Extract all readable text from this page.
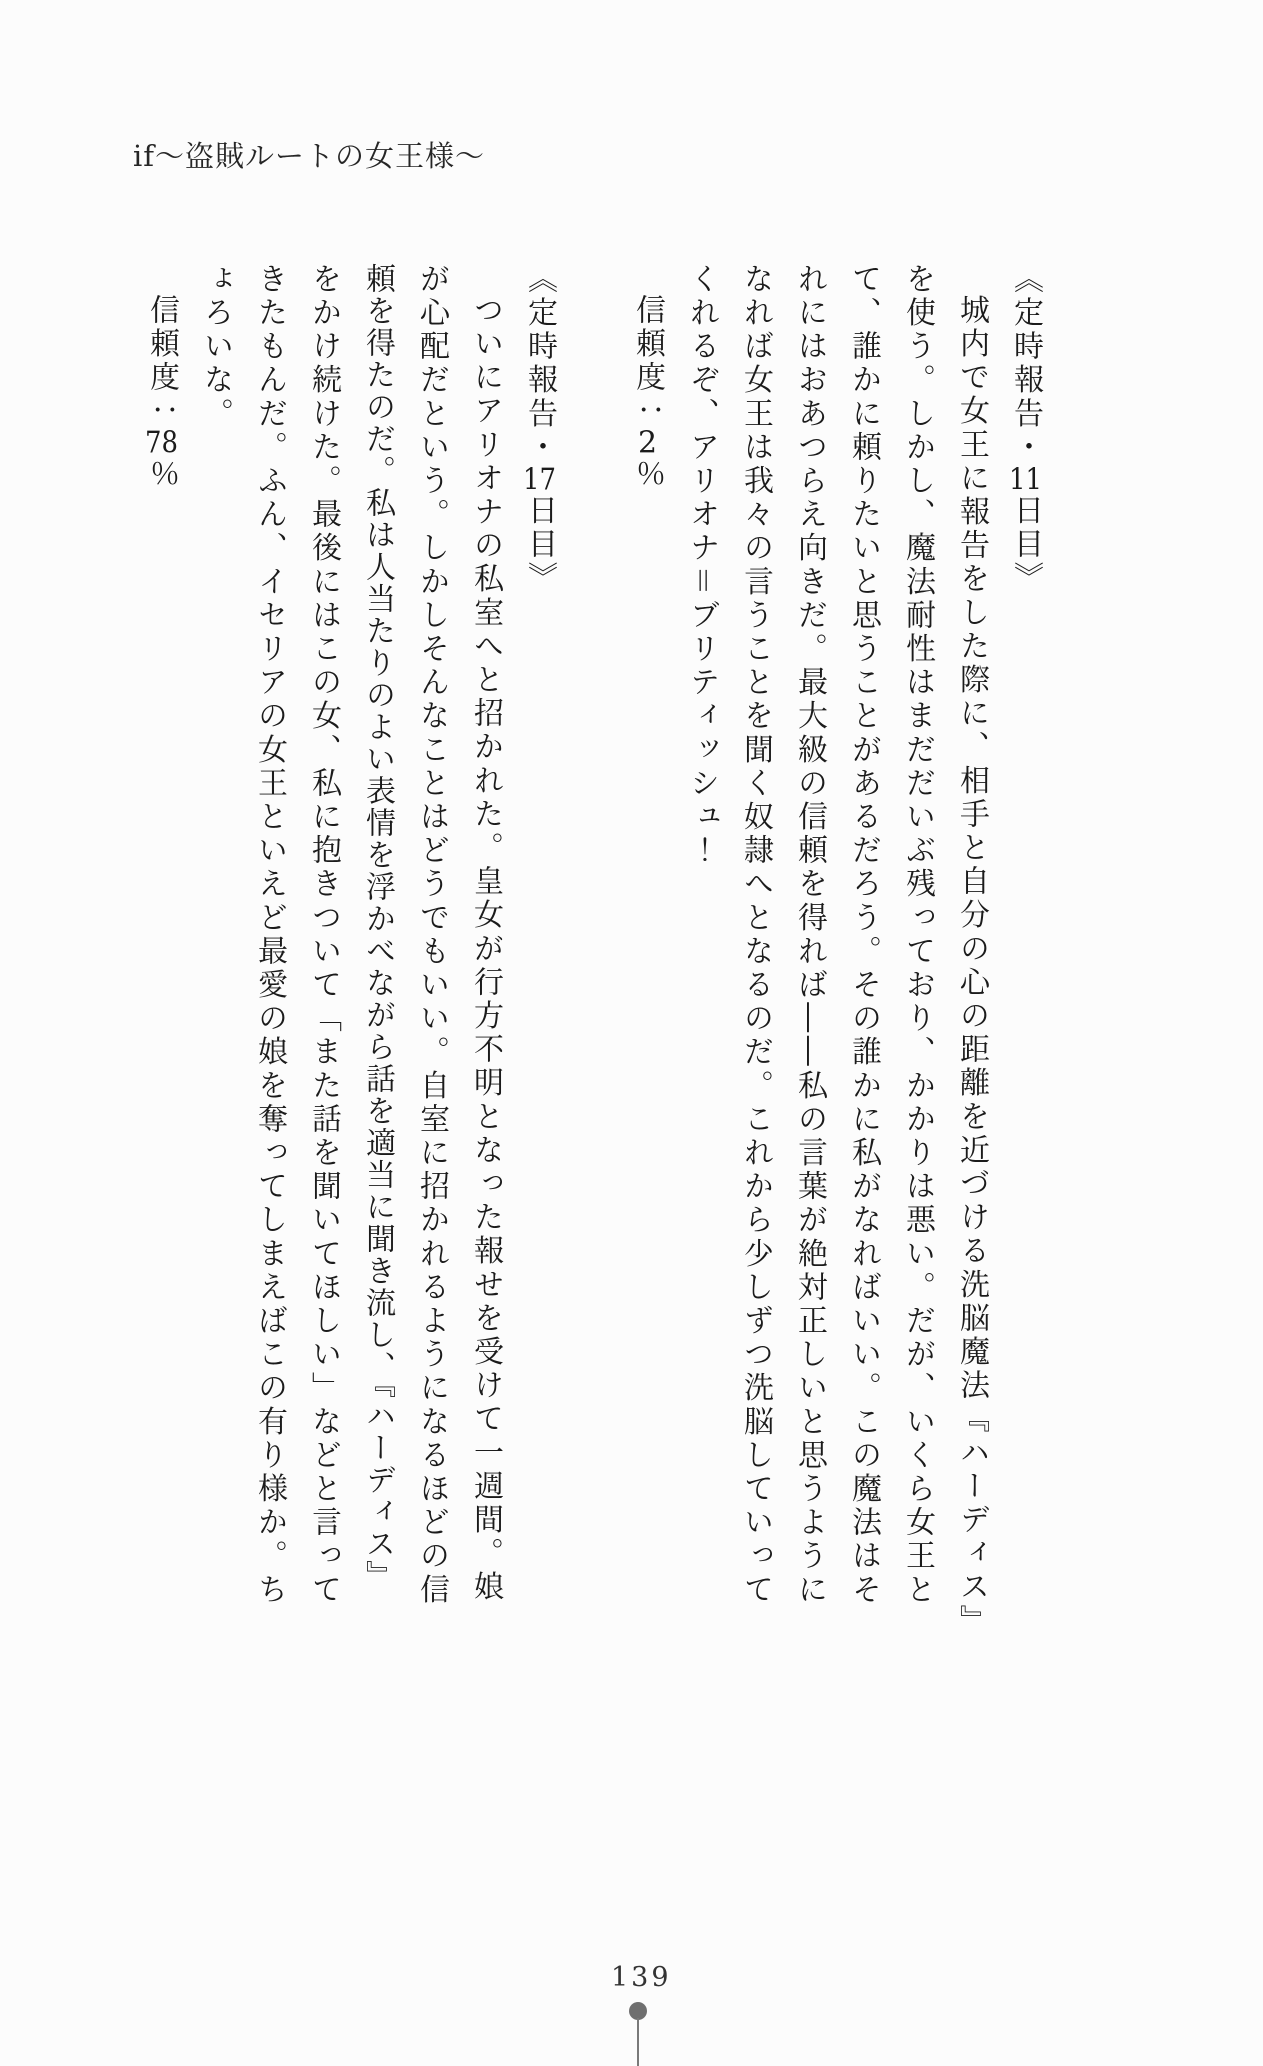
if〜盗賊ルートの女王様〜
《定時報告・11日目》
城内で女王に報告をした際に、相手と自分の心の距離を近づける洗脳魔法『ハーディス』
を使う。しかし、魔法耐性はまだだいぶ残っており、かかりは悪い。だが、いくら女王と
て、誰かに頼りたいと思うことがあるだろう。その誰かに私がなればいい。この魔法はそ
れにはおあつらえ向きだ。最大級の信頼を得れば――私の言葉が絶対正しいと思うように
なれば女王は我々の言うことを聞く奴隷へとなるのだ。これから少しずつ洗脳していって
くれるぞ、アリオナ＝ブリティッシュ！
信頼度：2％
《定時報告・17日目》
ついにアリオナの私室へと招かれた。皇女が行方不明となった報せを受けて一週間。娘
が心配だという。しかしそんなことはどうでもいい。自室に招かれるようになるほどの信
頼を得たのだ。私は人当たりのよい表情を浮かべながら話を適当に聞き流し、『ハーディス』
をかけ続けた。最後にはこの女、私に抱きついて「また話を聞いてほしい」などと言って
きたもんだ。ふん、イセリアの女王といえど最愛の娘を奪ってしまえばこの有り様か。ち
ょろいな。
信頼度：78％
139
